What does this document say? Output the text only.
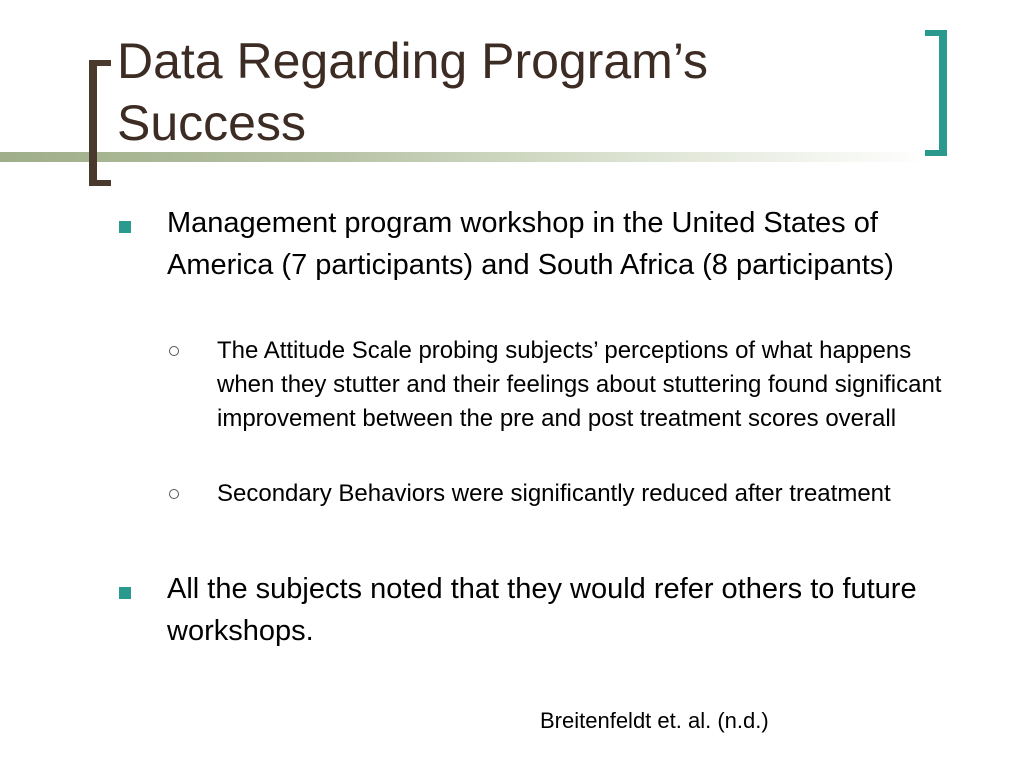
Data Regarding Program’s
Success

Management program workshop in the United States of America (7 participants) and South Africa (8 participants)

The Attitude Scale probing subjects’ perceptions of what happens when they stutter and their feelings about stuttering found significant improvement between the pre and post treatment scores overall

Secondary Behaviors were significantly reduced after treatment

All the subjects noted that they would refer others to future workshops.

Breitenfeldt et. al. (n.d.)
